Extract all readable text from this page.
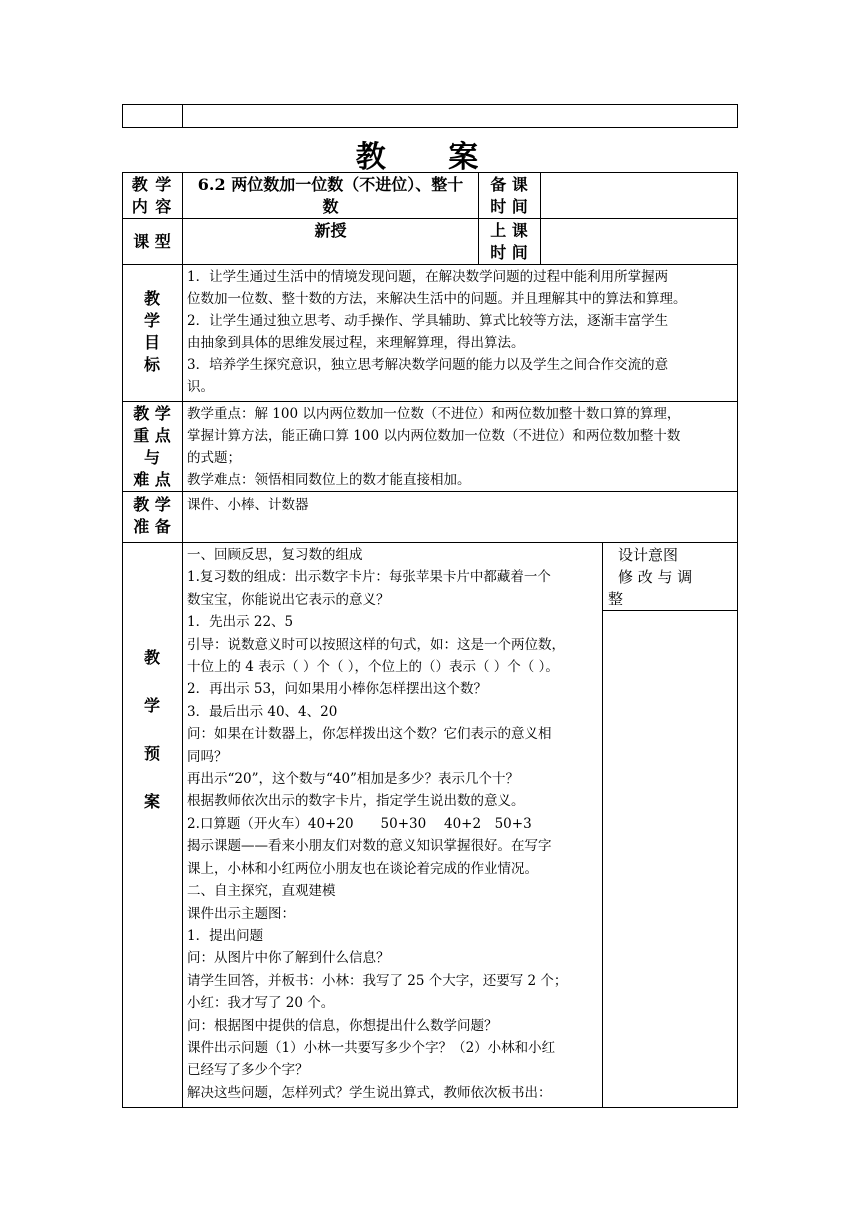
教 案
教 学
内 容
6.2 两位数加一位数（不进位）、整十
数
备 课
时 间
课 型
新授	上 课
时 间
教
学
目
标
1．让学生通过生活中的情境发现问题，在解决数学问题的过程中能利用所掌握两
位数加一位数、整十数的方法，来解决生活中的问题。并且理解其中的算法和算理。
2．让学生通过独立思考、动手操作、学具辅助、算式比较等方法，逐渐丰富学生
由抽象到具体的思维发展过程，来理解算理，得出算法。
3．培养学生探究意识，独立思考解决数学问题的能力以及学生之间合作交流的意
识。
教 学
重 点
与
难 点
教学重点：解 100 以内两位数加一位数（不进位）和两位数加整十数口算的算理，
掌握计算方法，能正确口算 100 以内两位数加一位数（不进位）和两位数加整十数
的式题；
教学难点：领悟相同数位上的数才能直接相加。
教 学
准 备
课件、小棒、计数器
教
学
预
案
一、回顾反思，复习数的组成
1.复习数的组成：出示数字卡片：每张苹果卡片中都藏着一个
数宝宝，你能说出它表示的意义？
1．先出示 22、5
引导：说数意义时可以按照这样的句式，如：这是一个两位数，
十位上的 4 表示（ ）个（ ），个位上的（）表示（ ）个（ ）。
2．再出示 53，问如果用小棒你怎样摆出这个数？
3．最后出示 40、4、20
问：如果在计数器上，你怎样拨出这个数？它们表示的意义相
同吗？
再出示“20”，这个数与“40”相加是多少？表示几个十？
根据教师依次出示的数字卡片，指定学生说出数的意义。
2.口算题（开火车）40+20　　50+30　 40+2　50+3
揭示课题——看来小朋友们对数的意义知识掌握很好。在写字
课上，小林和小红两位小朋友也在谈论着完成的作业情况。
二、自主探究，直观建模
课件出示主题图：
1．提出问题
问：从图片中你了解到什么信息？
请学生回答，并板书：小林：我写了 25 个大字，还要写 2 个；
小红：我才写了 20 个。
问：根据图中提供的信息，你想提出什么数学问题？
课件出示问题（1）小林一共要写多少个字？（2）小林和小红
已经写了多少个字？
解决这些问题，怎样列式？学生说出算式，教师依次板书出：
设计意图
修 改 与 调
整
